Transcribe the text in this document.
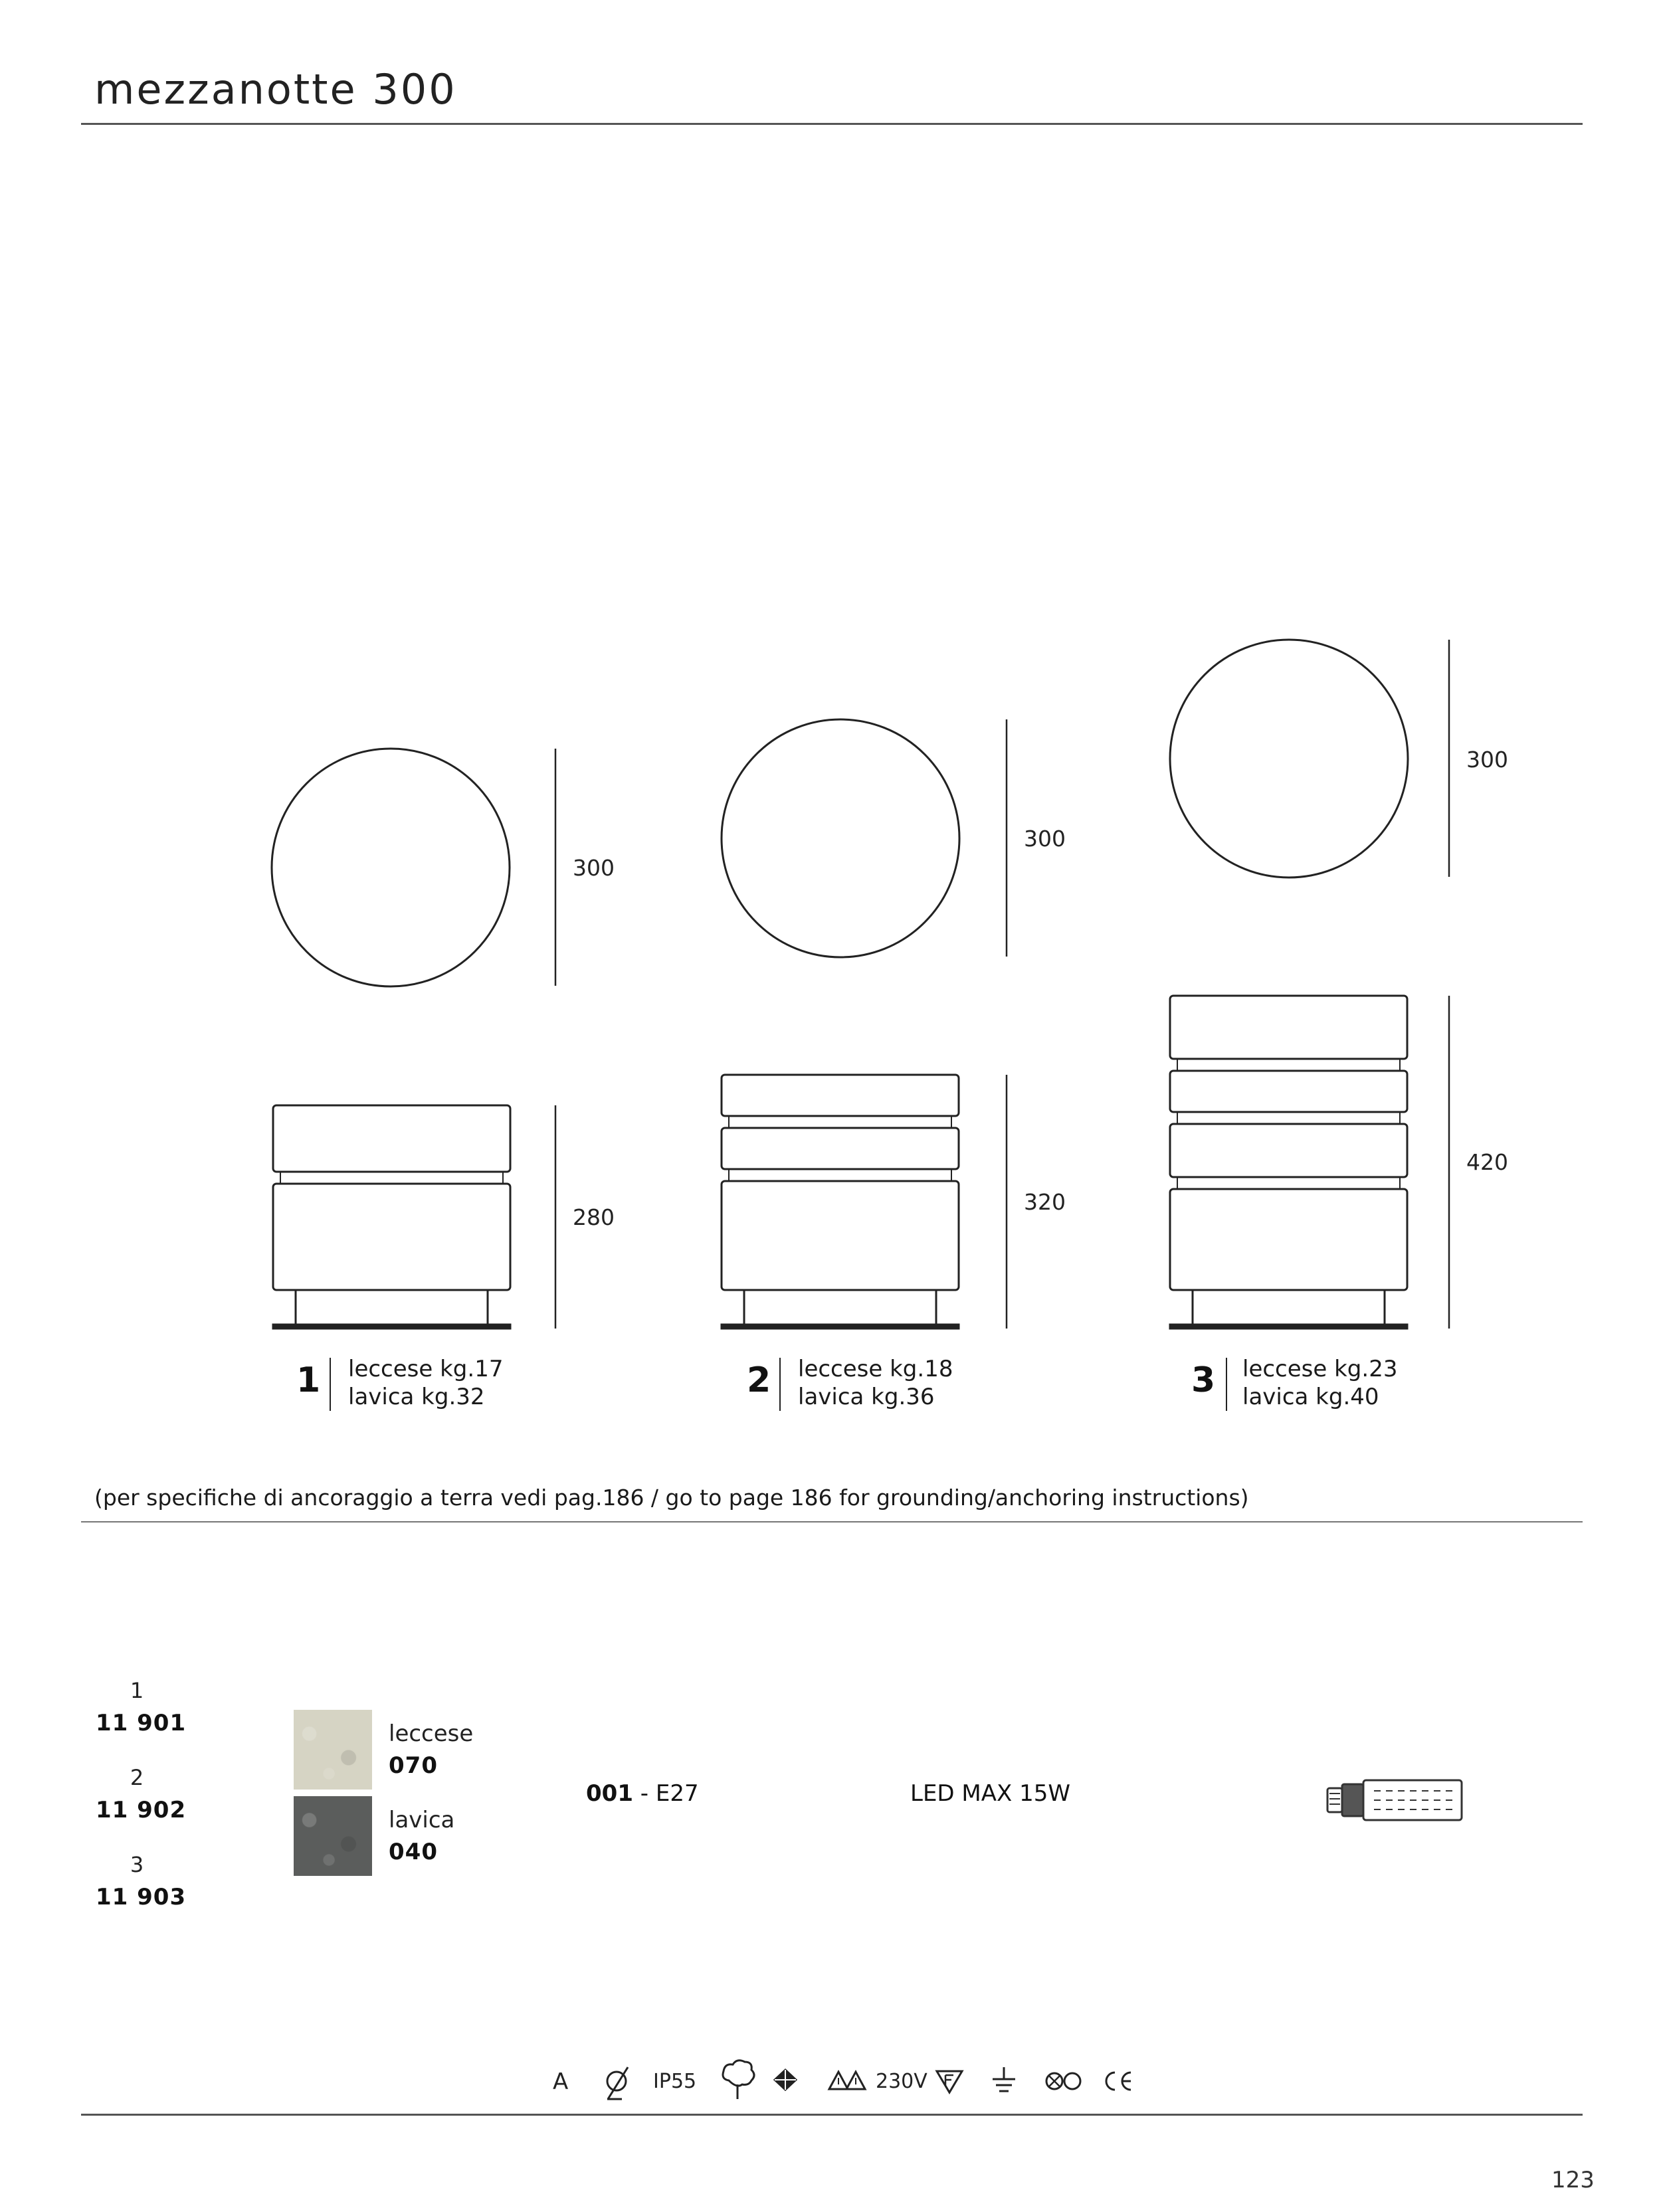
mezzanotte 300
300
280
300
320
300
420
1 leccese kg.17
lavica kg.32	2 leccese kg.18
lavica kg.36	3 leccese kg.23
lavica kg.40
(per specifiche di ancoraggio a terra vedi pag.186 / go to page 186 for grounding/anchoring instructions)
1
11 901
2
11 902
3
11 903
leccese
070
lavica
040
001 - E27	LED MAX 15W
A	IP55	230V
123
